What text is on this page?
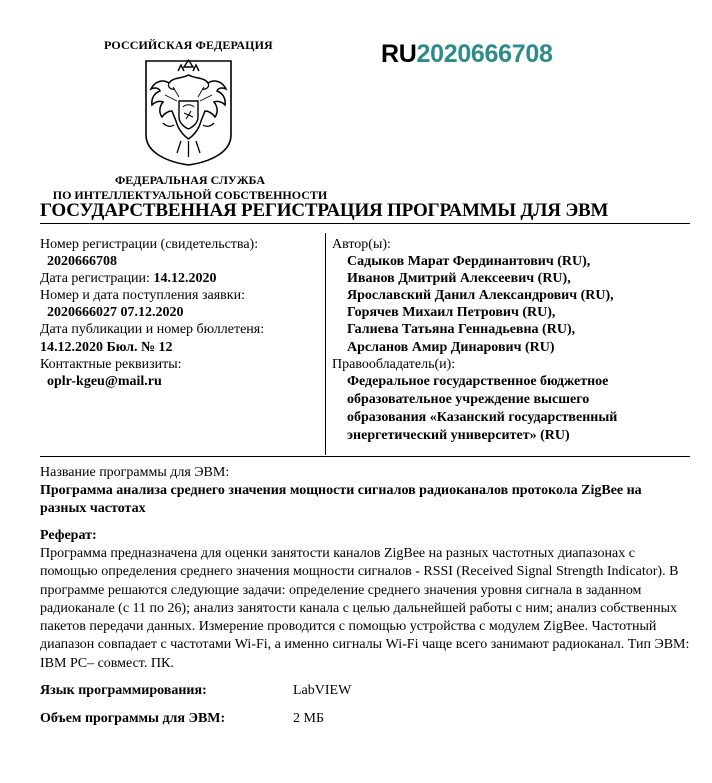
РОССИЙСКАЯ ФЕДЕРАЦИЯ
ФЕДЕРАЛЬНАЯ СЛУЖБА
ПО ИНТЕЛЛЕКТУАЛЬНОЙ СОБСТВЕННОСТИ
RU2020666708
ГОСУДАРСТВЕННАЯ РЕГИСТРАЦИЯ ПРОГРАММЫ ДЛЯ ЭВМ
Номер регистрации (свидетельства):
2020666708
Дата регистрации: 14.12.2020
Номер и дата поступления заявки:
2020666027 07.12.2020
Дата публикации и номер бюллетеня:
14.12.2020 Бюл. № 12
Контактные реквизиты:
oplr-kgeu@mail.ru
Автор(ы):
Садыков Марат Фердинантович (RU),
Иванов Дмитрий Алексеевич (RU),
Ярославский Данил Александрович (RU),
Горячев Михаил Петрович (RU),
Галиева Татьяна Геннадьевна (RU),
Арсланов Амир Динарович (RU)
Правообладатель(и):
Федеральное государственное бюджетное
образовательное учреждение высшего
образования «Казанский государственный
энергетический университет» (RU)
Название программы для ЭВМ:
Программа анализа среднего значения мощности сигналов радиоканалов протокола ZigBee на разных частотах
Реферат:
Программа предназначена для оценки занятости каналов ZigBee на разных частотных диапазонах с помощью определения среднего значения мощности сигналов - RSSI (Received Signal Strength Indicator). В программе решаются следующие задачи: определение среднего значения уровня сигнала в заданном радиоканале (с 11 по 26); анализ занятости канала с целью дальнейшей работы с ним; анализ собственных пакетов передачи данных. Измерение проводится с помощью устройства с модулем ZigBee. Частотный диапазон совпадает с частотами Wi-Fi, а именно сигналы Wi-Fi чаще всего занимают радиоканал. Тип ЭВМ: IBM PC– совмест. ПК.
Язык программирования:	LabVIEW
Объем программы для ЭВМ:	2 МБ
